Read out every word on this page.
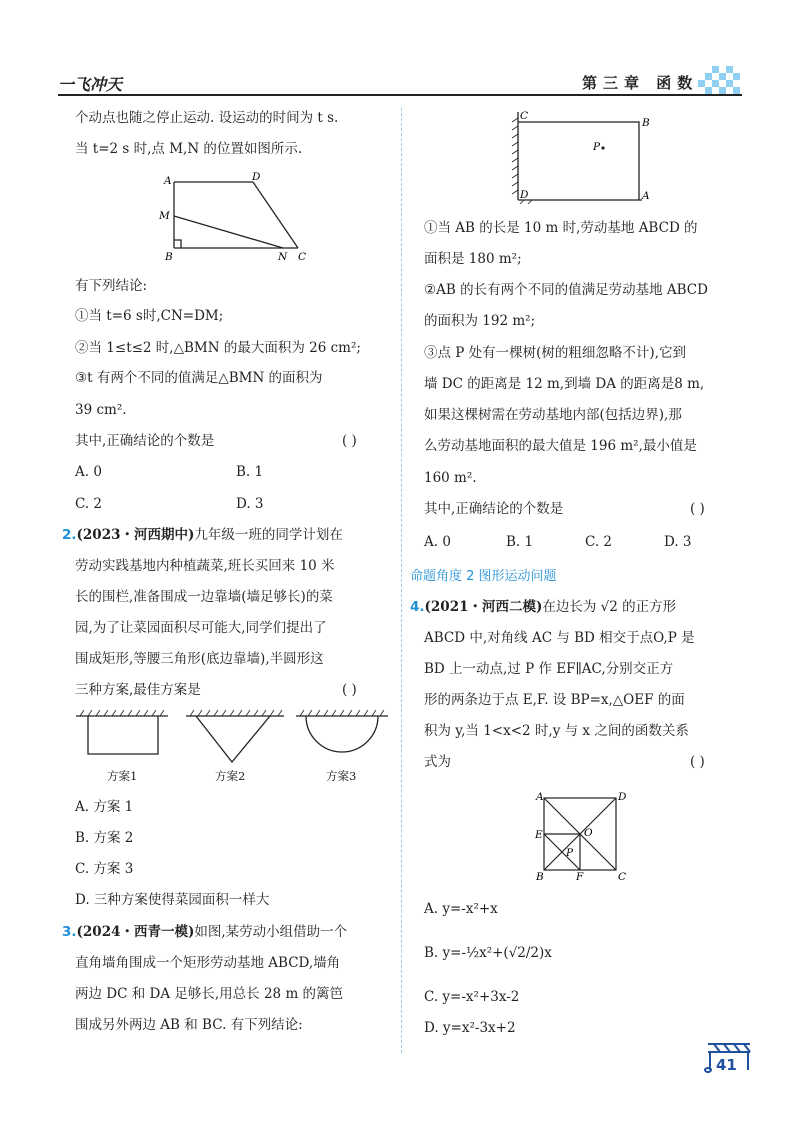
一飞冲天	第三章 函数
个动点也随之停止运动. 设运动的时间为 t s.
当 t=2 s 时,点 M,N 的位置如图所示.
A	D
M
B	N C
有下列结论:
①当 t=6 s时,CN=DM;
②当 1≤t≤2 时,△BMN 的最大面积为 26 cm²;
③t 有两个不同的值满足△BMN 的面积为
39 cm².
其中,正确结论的个数是	( )
A. 0	B. 1
C. 2	D. 3
2.(2023・河西期中)九年级一班的同学计划在
劳动实践基地内种植蔬菜,班长买回来 10 米
长的围栏,准备围成一边靠墙(墙足够长)的菜
园,为了让菜园面积尽可能大,同学们提出了
围成矩形,等腰三角形(底边靠墙),半圆形这
三种方案,最佳方案是	( )
方案1	方案2	方案3
A. 方案 1
B. 方案 2
C. 方案 3
D. 三种方案使得菜园面积一样大
3.(2024・西青一模)如图,某劳动小组借助一个
直角墙角围成一个矩形劳动基地 ABCD,墙角
两边 DC 和 DA 足够长,用总长 28 m 的篱笆
围成另外两边 AB 和 BC. 有下列结论:
C
B
P
D	A
①当 AB 的长是 10 m 时,劳动基地 ABCD 的
面积是 180 m²;
②AB 的长有两个不同的值满足劳动基地 ABCD
的面积为 192 m²;
③点 P 处有一棵树(树的粗细忽略不计),它到
墙 DC 的距离是 12 m,到墙 DA 的距离是8 m,
如果这棵树需在劳动基地内部(包括边界),那
么劳动基地面积的最大值是 196 m²,最小值是
160 m².
其中,正确结论的个数是	( )
A. 0	B. 1	C. 2	D. 3
命题角度 2 图形运动问题
4.(2021・河西二模)在边长为 √2 的正方形
ABCD 中,对角线 AC 与 BD 相交于点O,P 是
BD 上一动点,过 P 作 EF∥AC,分别交正方
形的两条边于点 E,F. 设 BP=x,△OEF 的面
积为 y,当 1<x<2 时,y 与 x 之间的函数关系
式为	( )
A	D
E	O
P
B	F	C
A. y=-x²+x
B. y=-½x²+(√2/2)x
C. y=-x²+3x-2
D. y=x²-3x+2
41
